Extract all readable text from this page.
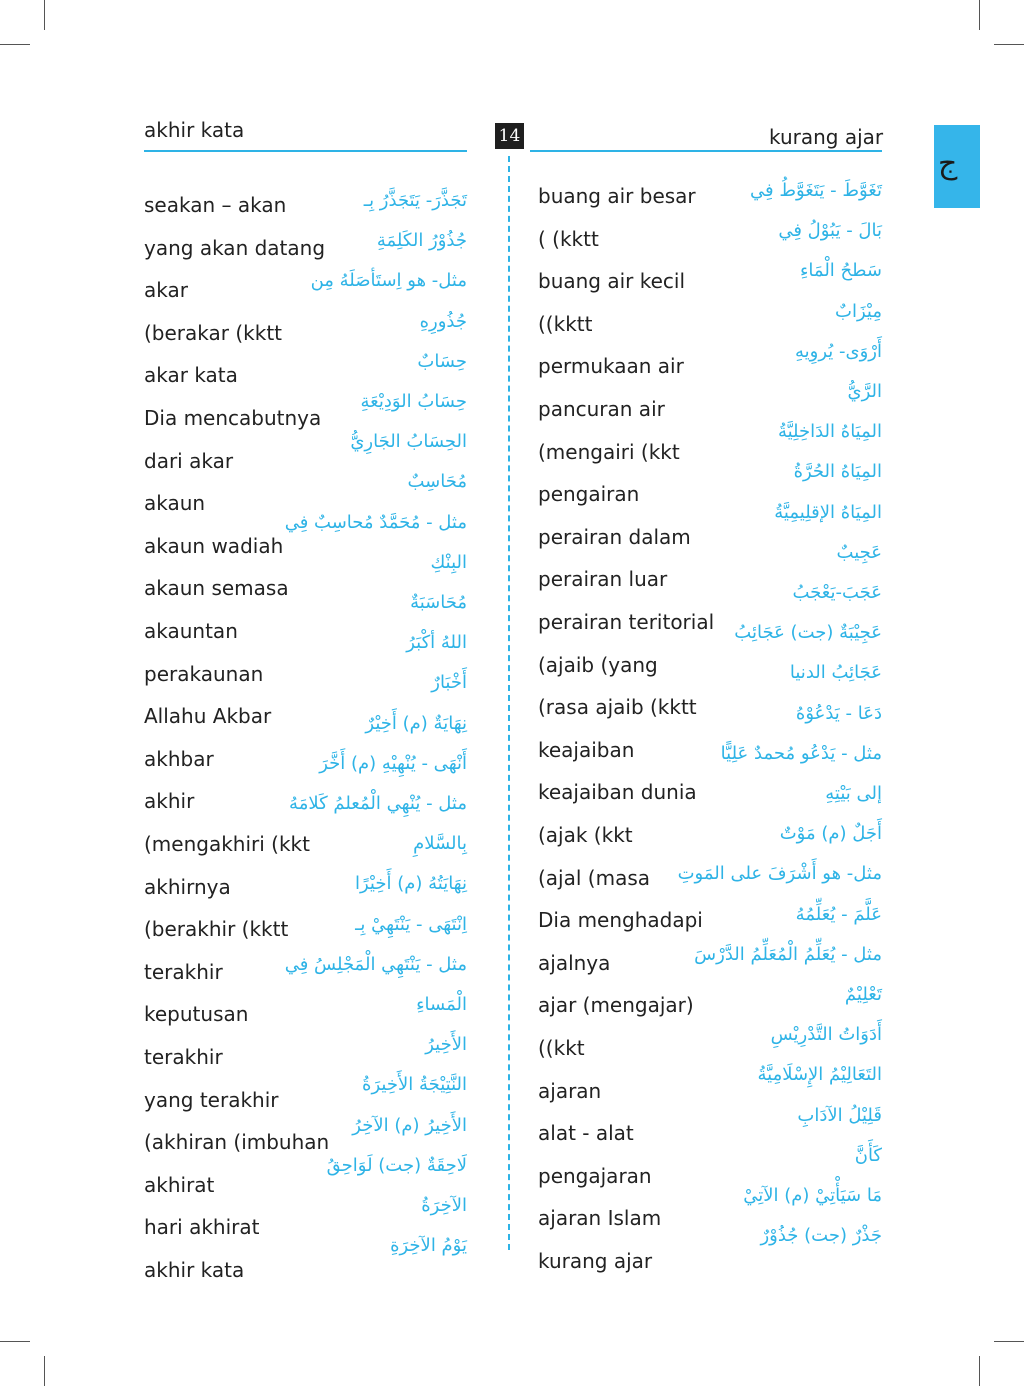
akhir kata	14	kurang ajar
ج
seakan – akan
yang akan datang
akar
(berakar (kktt
akar kata
Dia mencabutnya
dari akar
akaun
akaun wadiah
akaun semasa
akauntan
perakaunan
Allahu Akbar
akhbar
akhir
(mengakhiri (kkt
akhirnya
(berakhir (kktt
terakhir
keputusan
terakhir
yang terakhir
(akhiran (imbuhan
akhirat
hari akhirat
akhir kata
تَجَذَّرَ- يَتَجَذَّرُ بِـ
جُذُوْرُ الكَلِمَةِ
مثل- هو اِستَأصَلَهُ مِن
جُذُورِهِ
حِسَابٌ
حِسَابُ الوَدِيْعَةِ
الحِسَابُ الجَارِيُّ
مُحَاسِبٌ
مثل - مُحَمَّدٌ مُحاسِبٌ فِي
البِنْكِ
مُحَاسَبَةٌ
اللهُ أكْبَرُ
أَخْبَارٌ
نِهَايَةٌ (م) أَخِيْرٌ
أَنْهَى - يُنْهِيْهِ (م) أَخَّرَ
مثل - يُنْهِي الْمُعلمُ كَلامَهُ
بِالسَّلامِ
نِهَايَتُهُ (م) أَخِيْرًا
اِنْتَهَى - يَنْتَهِيْ بِـ
مثل - يَنْتَهِي الْمَجْلِسُ فِي
الْمَساءِ
الأَخِيرُ
النَّتِيْجَةُ الأَخِيرَةُ
الأَخِيرُ (م) الآخِرُ
لَاحِقَةٌ (جت) لَوَاحِقُ
الآخِرَةُ
يَوْمُ الآخِرَةِ
buang air besar
( (kktt
buang air kecil
((kktt
permukaan air
pancuran air
(mengairi (kkt
pengairan
perairan dalam
perairan luar
perairan teritorial
(ajaib (yang
(rasa ajaib (kktt
keajaiban
keajaiban dunia
(ajak (kkt
(ajal (masa
Dia menghadapi
ajalnya
ajar (mengajar)
((kkt
ajaran
alat - alat
pengajaran
ajaran Islam
kurang ajar
تَغَوَّطَ - يَتَغَوَّطُ فِي
بَالَ - يَبُوْلُ فِي
سَطحُ الْمَاءِ
مِيْزَابٌ
أَرْوَى- يُروِيهِ
الرَّيُّ
المِيَاهُ الدَاخِلِيَّةُ
المِيَاهُ الحُرَّةُ
المِيَاهُ الإقلِيمِيَّةُ
عَجِيبٌ
عَجَبَ-يَعْجَبُ
عَجِيْبَةٌ (جت) عَجَائِبُ
عَجَائِبُ الدنيا
دَعَا - يَدْعُوْهُ
مثل - يَدْعُو مُحمدٌ عَلِيًّا
إلى بَيْتِهِ
أَجَلٌ (م) مَوْتٌ
مثل- هو أَشْرَفَ على المَوتِ
عَلَّمَ - يُعَلِّمُهُ
مثل - يُعَلِّمُ الْمُعَلِّمُ الدَّرْسَ
تَعْلِيْمٌ
أَدَوَاتُ التَّدْرِيْسِ
التَعَالِيْمُ الإِسْلَامِيَّةُ
قَلِيْلُ الآدَابِ
كَأَنَّ
مَا سَيَأْتِيْ (م) الآتِيْ
جَذْرٌ (جت) جُذُوْرٌ
